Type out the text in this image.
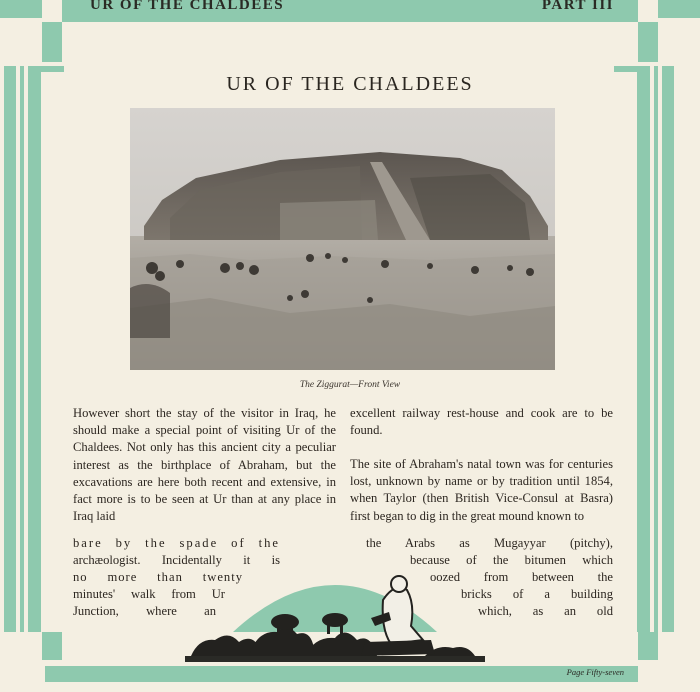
UR OF THE CHALDEES	PART III
UR OF THE CHALDEES
The Ziggurat—Front View
However short the stay of the visitor in Iraq, he should make a special point of visiting Ur of the Chaldees. Not only has this ancient city a peculiar interest as the birthplace of Abraham, but the excavations are here both recent and extensive, in fact more is to be seen at Ur than at any place in Iraq laid
bare by the spade of the
archæologist. Incidentally it is
no more than twenty
minutes' walk from Ur
Junction, where an
excellent railway rest-house and cook are to be found.
The site of Abraham's natal town was for centuries lost, unknown by name or by tradition until 1854, when Taylor (then British Vice-Consul at Basra) first began to dig in the great mound known to
the Arabs as Mugayyar (pitchy),
because of the bitumen which
oozed from between the
bricks of a building
which, as an old
Page Fifty-seven
